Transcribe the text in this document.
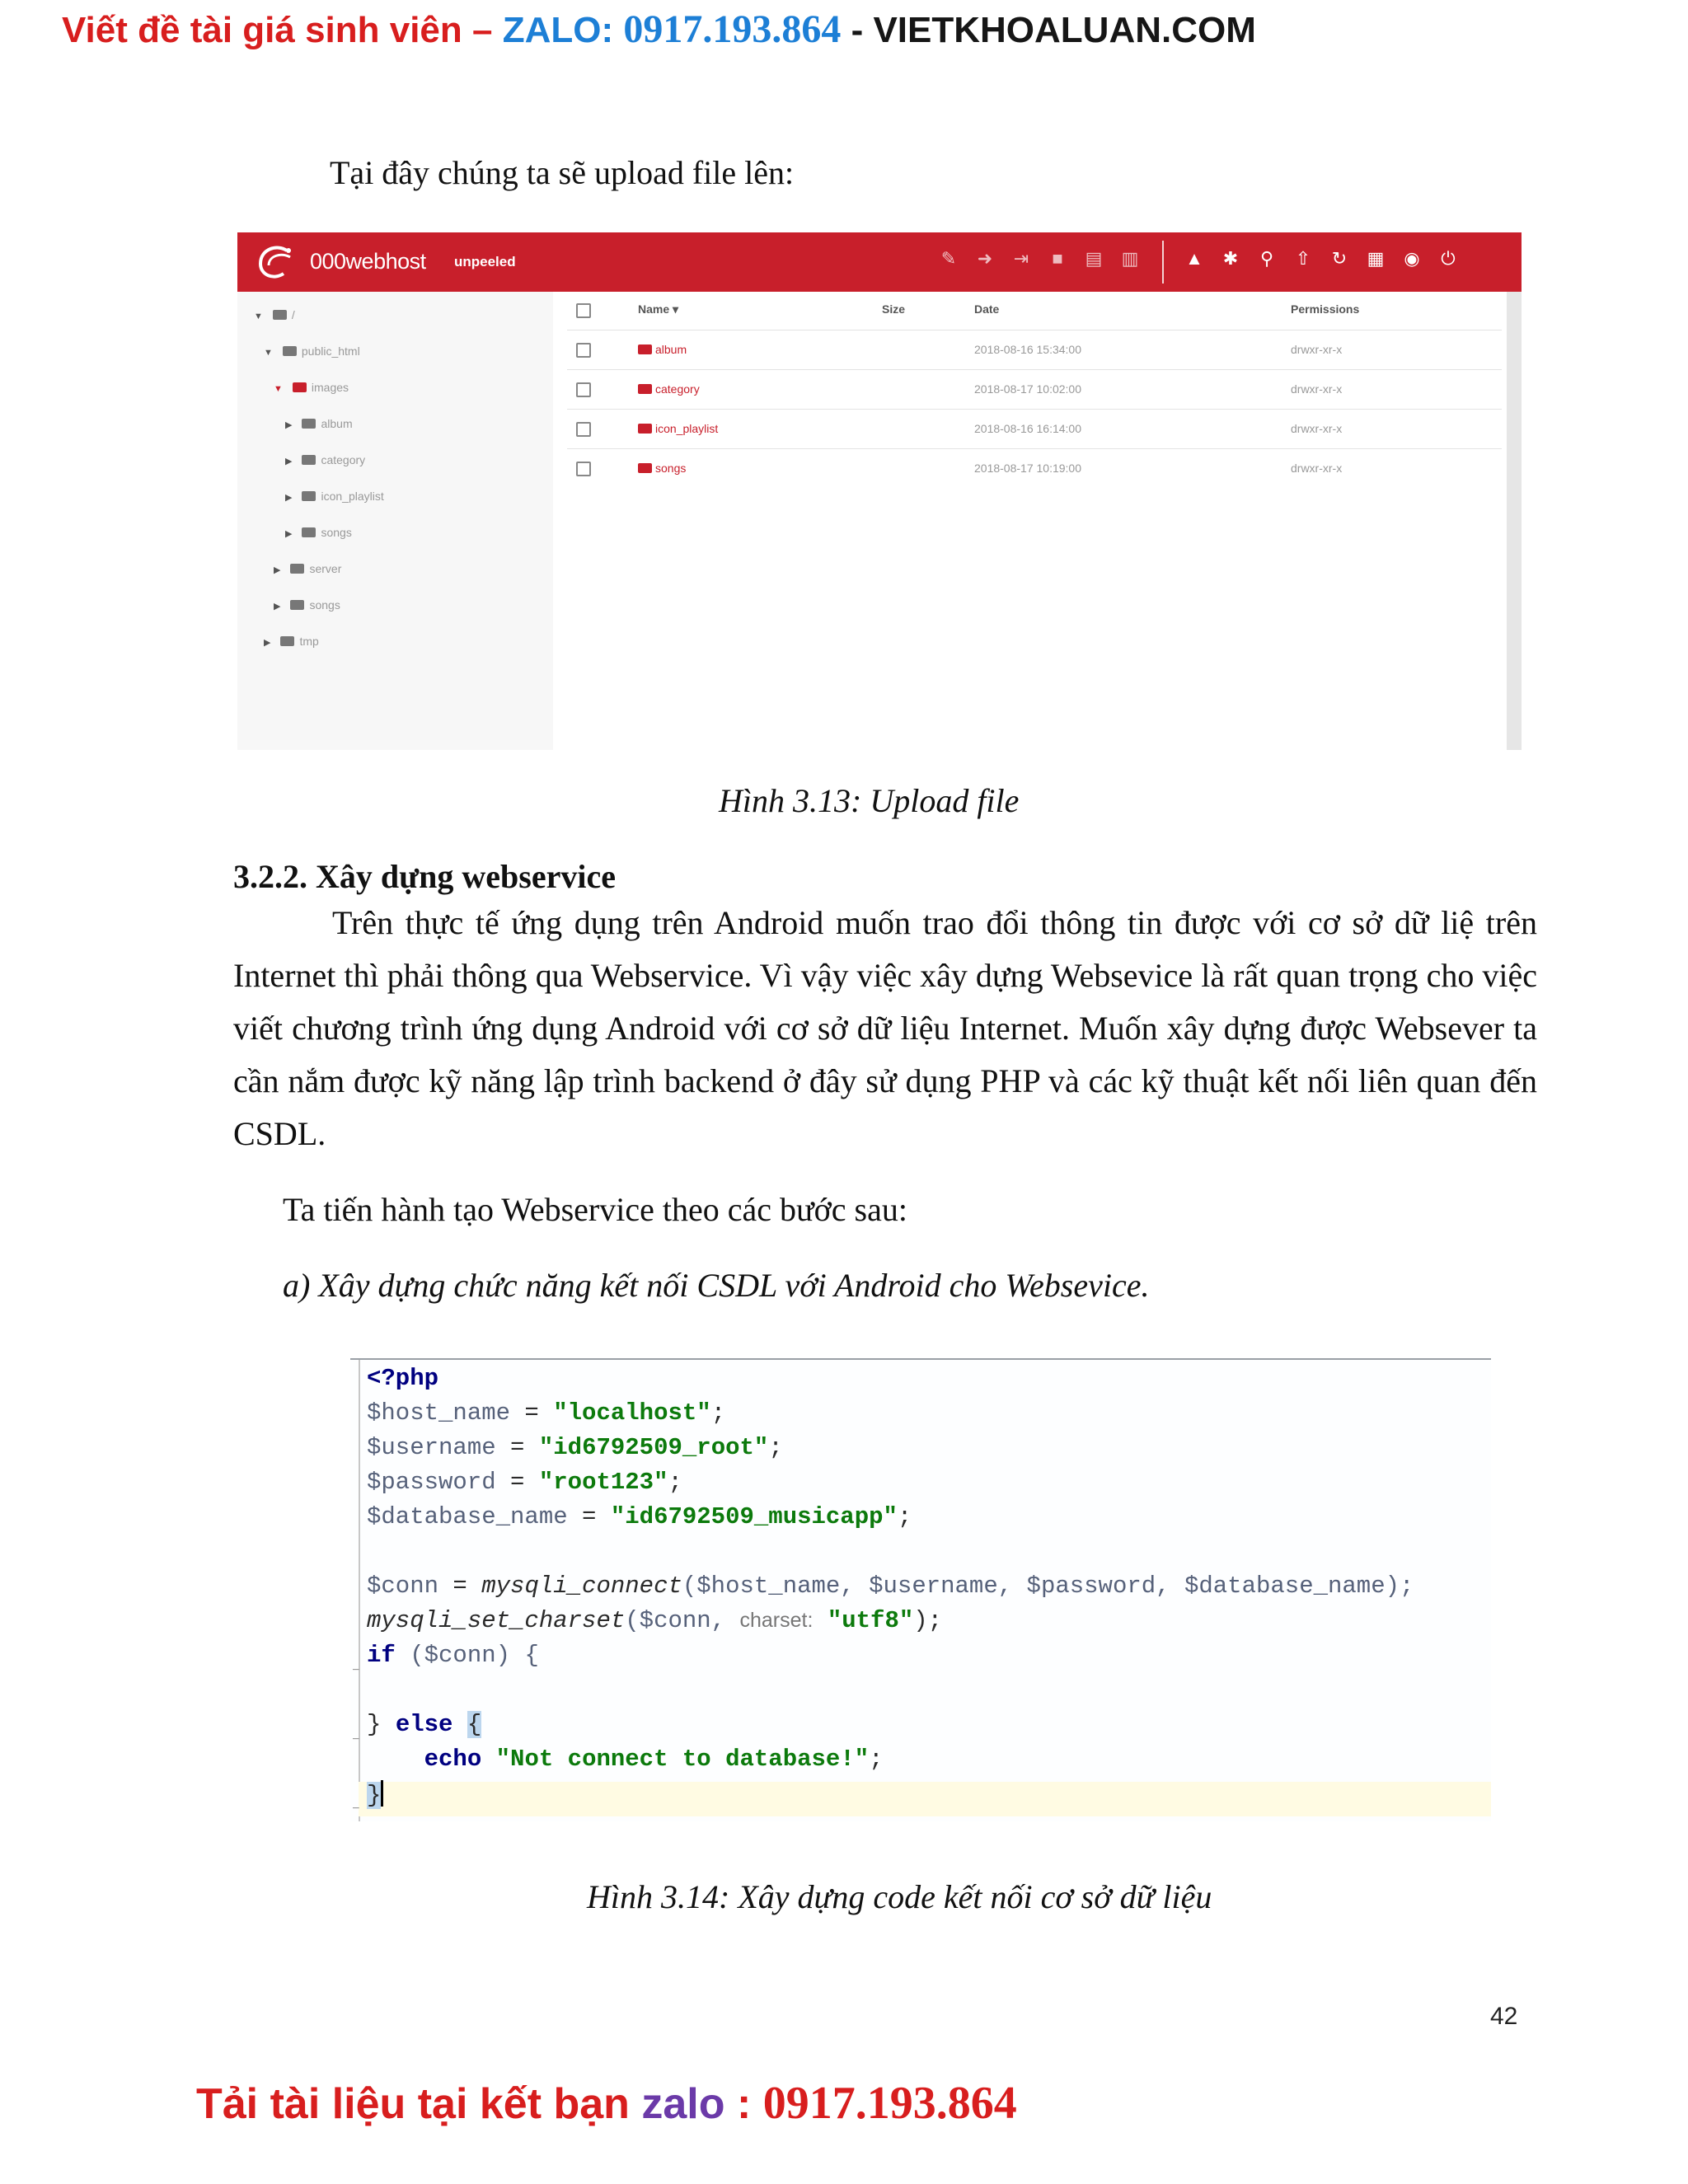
Viết đề tài giá sinh viên – ZALO: 0917.193.864 - VIETKHOALUAN.COM
Tại đây chúng ta sẽ upload file lên:
000webhost unpeeled	✎ ➜ ⇥ ■ ▤ ▥	▲ ✱ ⚲ ⇧ ↻ ▦ ◉ ⏻
▼	/
▼	public_html
▼	images
▶	album
▶	category
▶	icon_playlist
▶	songs
▶	server
▶	songs
▶	tmp
Name ▾	Size	Date	Permissions
album	2018-08-16 15:34:00	drwxr-xr-x
category	2018-08-17 10:02:00	drwxr-xr-x
icon_playlist	2018-08-16 16:14:00	drwxr-xr-x
songs	2018-08-17 10:19:00	drwxr-xr-x
Hình 3.13: Upload file
3.2.2. Xây dựng webservice
Trên thực tế ứng dụng trên Android muốn trao đổi thông tin được với cơ sở dữ liệ trên Internet thì phải thông qua Webservice. Vì vậy việc xây dựng Websevice là rất quan trọng cho việc viết chương trình ứng dụng Android với cơ sở dữ liệu Internet. Muốn xây dựng được Websever ta cần nắm được kỹ năng lập trình backend ở đây sử dụng PHP và các kỹ thuật kết nối liên quan đến CSDL.
Ta tiến hành tạo Webservice theo các bước sau:
a) Xây dựng chức năng kết nối CSDL với Android cho Websevice.
−
−
−
<?php
$host_name = "localhost";
$username = "id6792509_root";
$password = "root123";
$database_name = "id6792509_musicapp";
$conn = mysqli_connect($host_name, $username, $password, $database_name);
mysqli_set_charset($conn, charset: "utf8");
if ($conn) {
} else {
echo "Not connect to database!";
}
Hình 3.14: Xây dựng code kết nối cơ sở dữ liệu
42
Tải tài liệu tại kết bạn zalo : 0917.193.864
